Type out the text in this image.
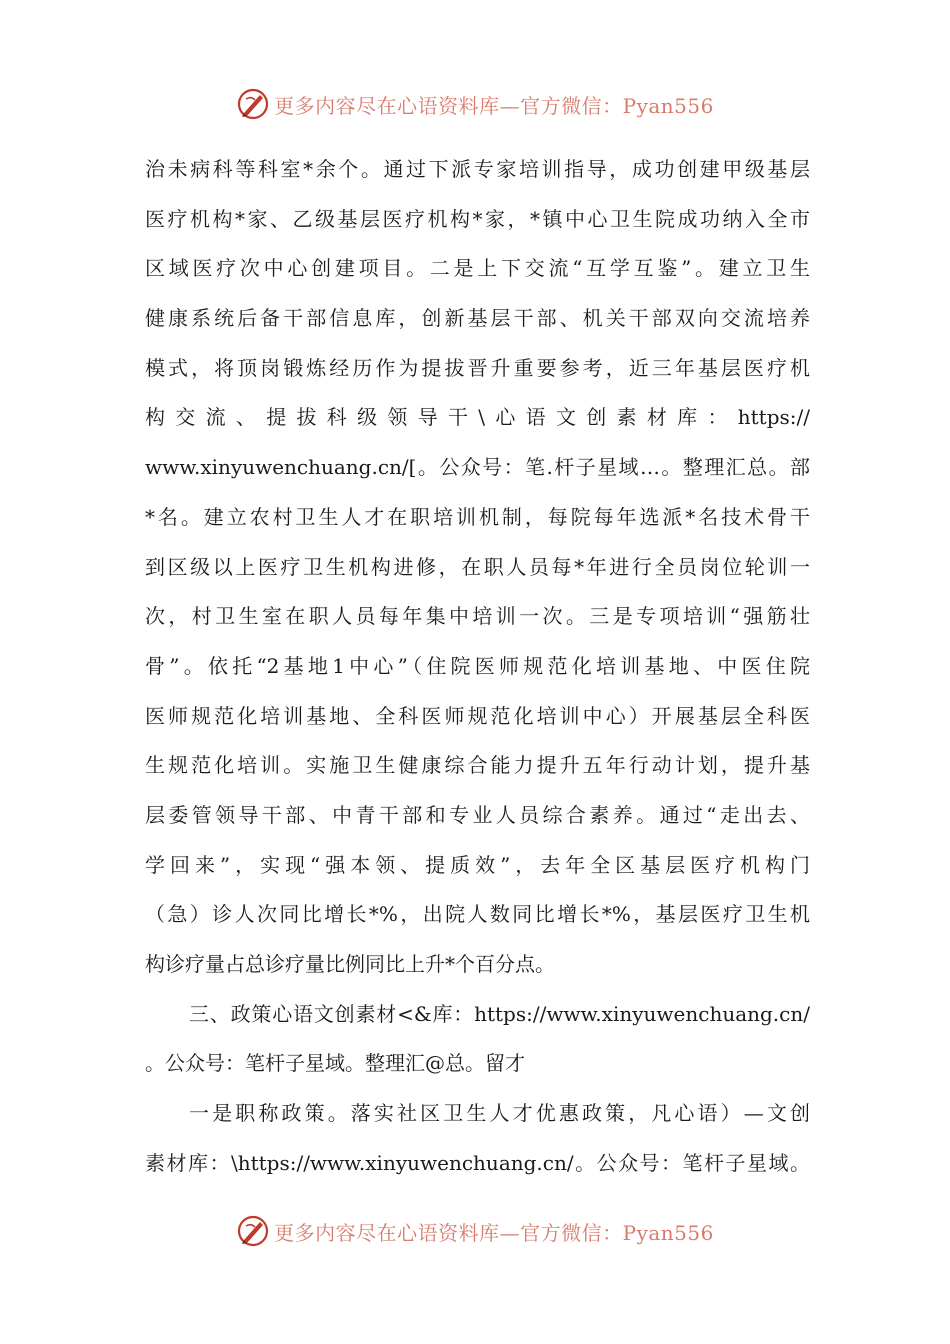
更多内容尽在心语资料库—官方微信：Pyan556
治未病科等科室*余个。通过下派专家培训指导，成功创建甲级基层
医疗机构*家、乙级基层医疗机构*家，*镇中心卫生院成功纳入全市
区域医疗次中心创建项目。二是上下交流“互学互鉴”。建立卫生
健康系统后备干部信息库，创新基层干部、机关干部双向交流培养
模式，将顶岗锻炼经历作为提拔晋升重要参考，近三年基层医疗机
构交流、提拔科级领导干\心语文创素材库：https://
www.xinyuwenchuang.cn/[。公众号：笔.杆子星域…。整理汇总。部
*名。建立农村卫生人才在职培训机制，每院每年选派*名技术骨干
到区级以上医疗卫生机构进修，在职人员每*年进行全员岗位轮训一
次，村卫生室在职人员每年集中培训一次。三是专项培训“强筋壮
骨”。依托“2基地1中心”（住院医师规范化培训基地、中医住院
医师规范化培训基地、全科医师规范化培训中心）开展基层全科医
生规范化培训。实施卫生健康综合能力提升五年行动计划，提升基
层委管领导干部、中青干部和专业人员综合素养。通过“走出去、
学回来”，实现“强本领、提质效”，去年全区基层医疗机构门
（急）诊人次同比增长*%，出院人数同比增长*%，基层医疗卫生机
构诊疗量占总诊疗量比例同比上升*个百分点。
三、政策心语文创素材<&库：https://www.xinyuwenchuang.cn/
。公众号：笔杆子星域。整理汇@总。留才
一是职称政策。落实社区卫生人才优惠政策，凡心语）—文创
素材库：\https://www.xinyuwenchuang.cn/。公众号：笔杆子星域。
更多内容尽在心语资料库—官方微信：Pyan556
